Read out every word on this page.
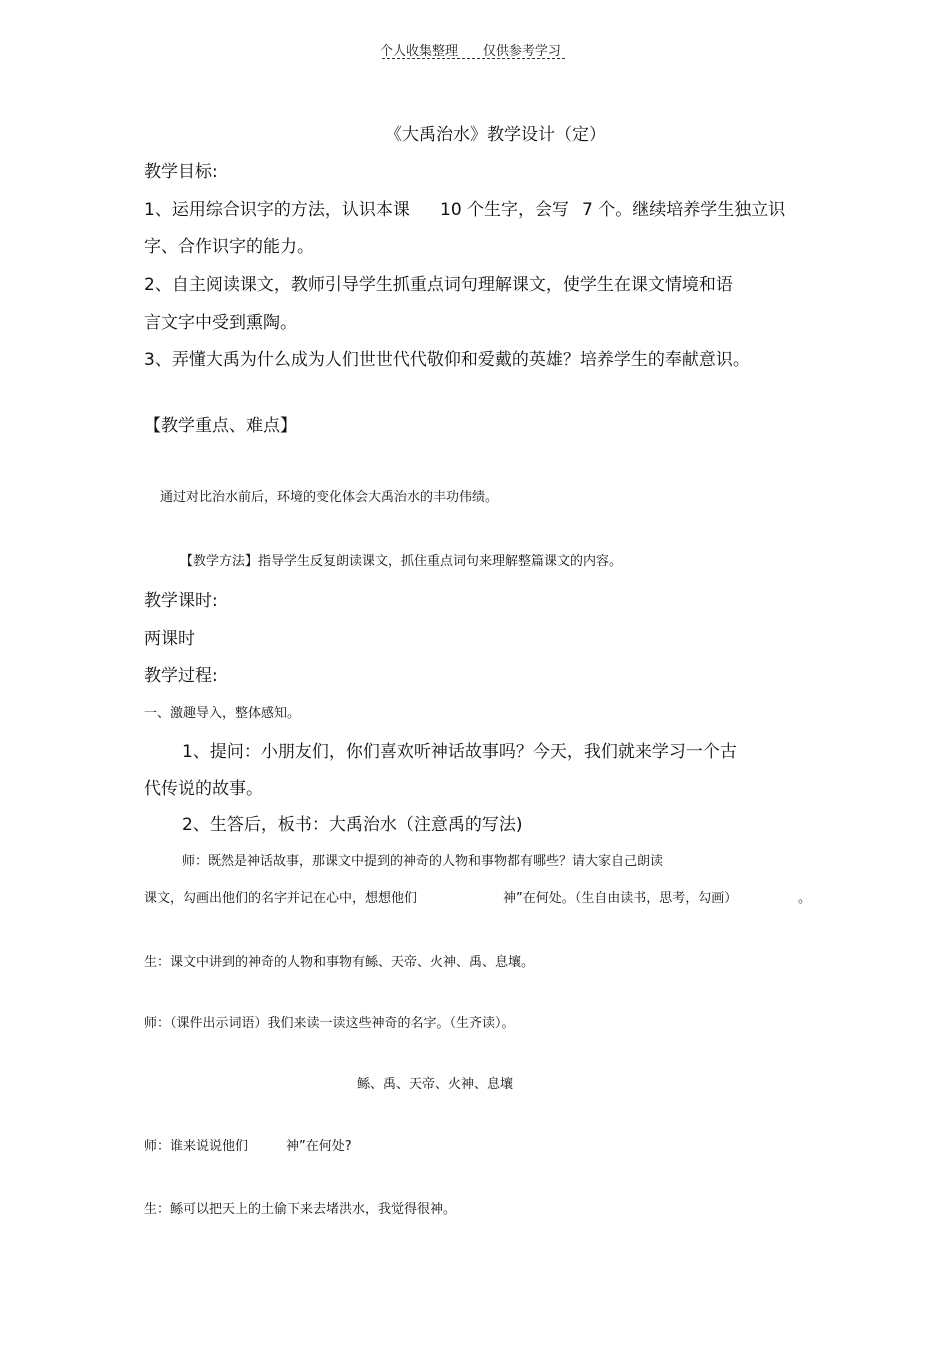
个人收集整理 仅供参考学习
《大禹治水》教学设计（定）
教学目标:
1、运用综合识字的方法，认识本课 10 个生字，会写 7 个。继续培养学生独立识
字、合作识字的能力。
2、自主阅读课文，教师引导学生抓重点词句理解课文，使学生在课文情境和语
言文字中受到熏陶。
3、弄懂大禹为什么成为人们世世代代敬仰和爱戴的英雄？培养学生的奉献意识。
【教学重点、难点】
通过对比治水前后，环境的变化体会大禹治水的丰功伟绩。
【教学方法】指导学生反复朗读课文，抓住重点词句来理解整篇课文的内容。
教学课时:
两课时
教学过程:
一、激趣导入，整体感知。
1、提问：小朋友们，你们喜欢听神话故事吗？今天，我们就来学习一个古
代传说的故事。
2、生答后，板书：大禹治水（注意禹的写法)
师：既然是神话故事，那课文中提到的神奇的人物和事物都有哪些？请大家自己朗读
课文，勾画出他们的名字并记在心中，想想他们	神”在何处。（生自由读书，思考，勾画）	。
生：课文中讲到的神奇的人物和事物有鲧、天帝、火神、禹、息壤。
师：（课件出示词语）我们来读一读这些神奇的名字。（生齐读）。
鲧、禹、天帝、火神、息壤
师：谁来说说他们	神”在何处?
生：鲧可以把天上的土偷下来去堵洪水，我觉得很神。
